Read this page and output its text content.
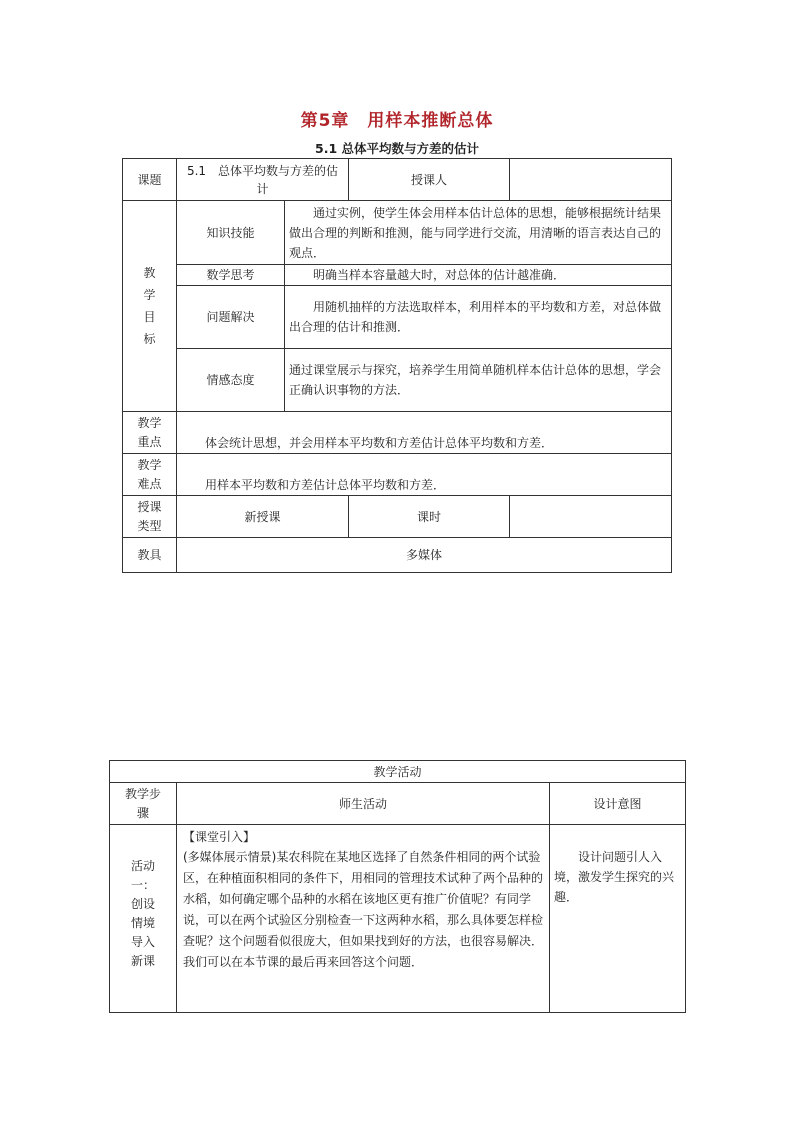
第5章　用样本推断总体
5.1 总体平均数与方差的估计
课题	5.1　总体平均数与方差的估计		授课人	

教学目标	知识技能	通过实例，使学生体会用样本估计总体的思想，能够根据统计结果做出合理的判断和推测，能与同学进行交流，用清晰的语言表达自己的观点．		
	数学思考	明确当样本容量越大时，对总体的估计越准确．		
	问题解决	用随机抽样的方法选取样本，利用样本的平均数和方差，对总体做出合理的估计和推测．		
	情感态度	通过课堂展示与探究，培养学生用简单随机样本估计总体的思想，学会正确认识事物的方法．		

教学重点	体会统计思想，并会用样本平均数和方差估计总体平均数和方差．			

教学难点	用样本平均数和方差估计总体平均数和方差．			

授课类型	新授课		课时	
教具	多媒体			
教学活动		

教学步骤	师生活动	设计意图

活动一：创设情境导入新课	【课堂引入】
(多媒体展示情景)某农科院在某地区选择了自然条件相同的两个试验区，在种植面积相同的条件下，用相同的管理技术试种了两个品种的水稻，如何确定哪个品种的水稻在该地区更有推广价值呢？有同学说，可以在两个试验区分别检查一下这两种水稻，那么具体要怎样检查呢？这个问题看似很庞大，但如果找到好的方法，也很容易解决．我们可以在本节课的最后再来回答这个问题．	设计问题引人入境，激发学生探究的兴趣．
